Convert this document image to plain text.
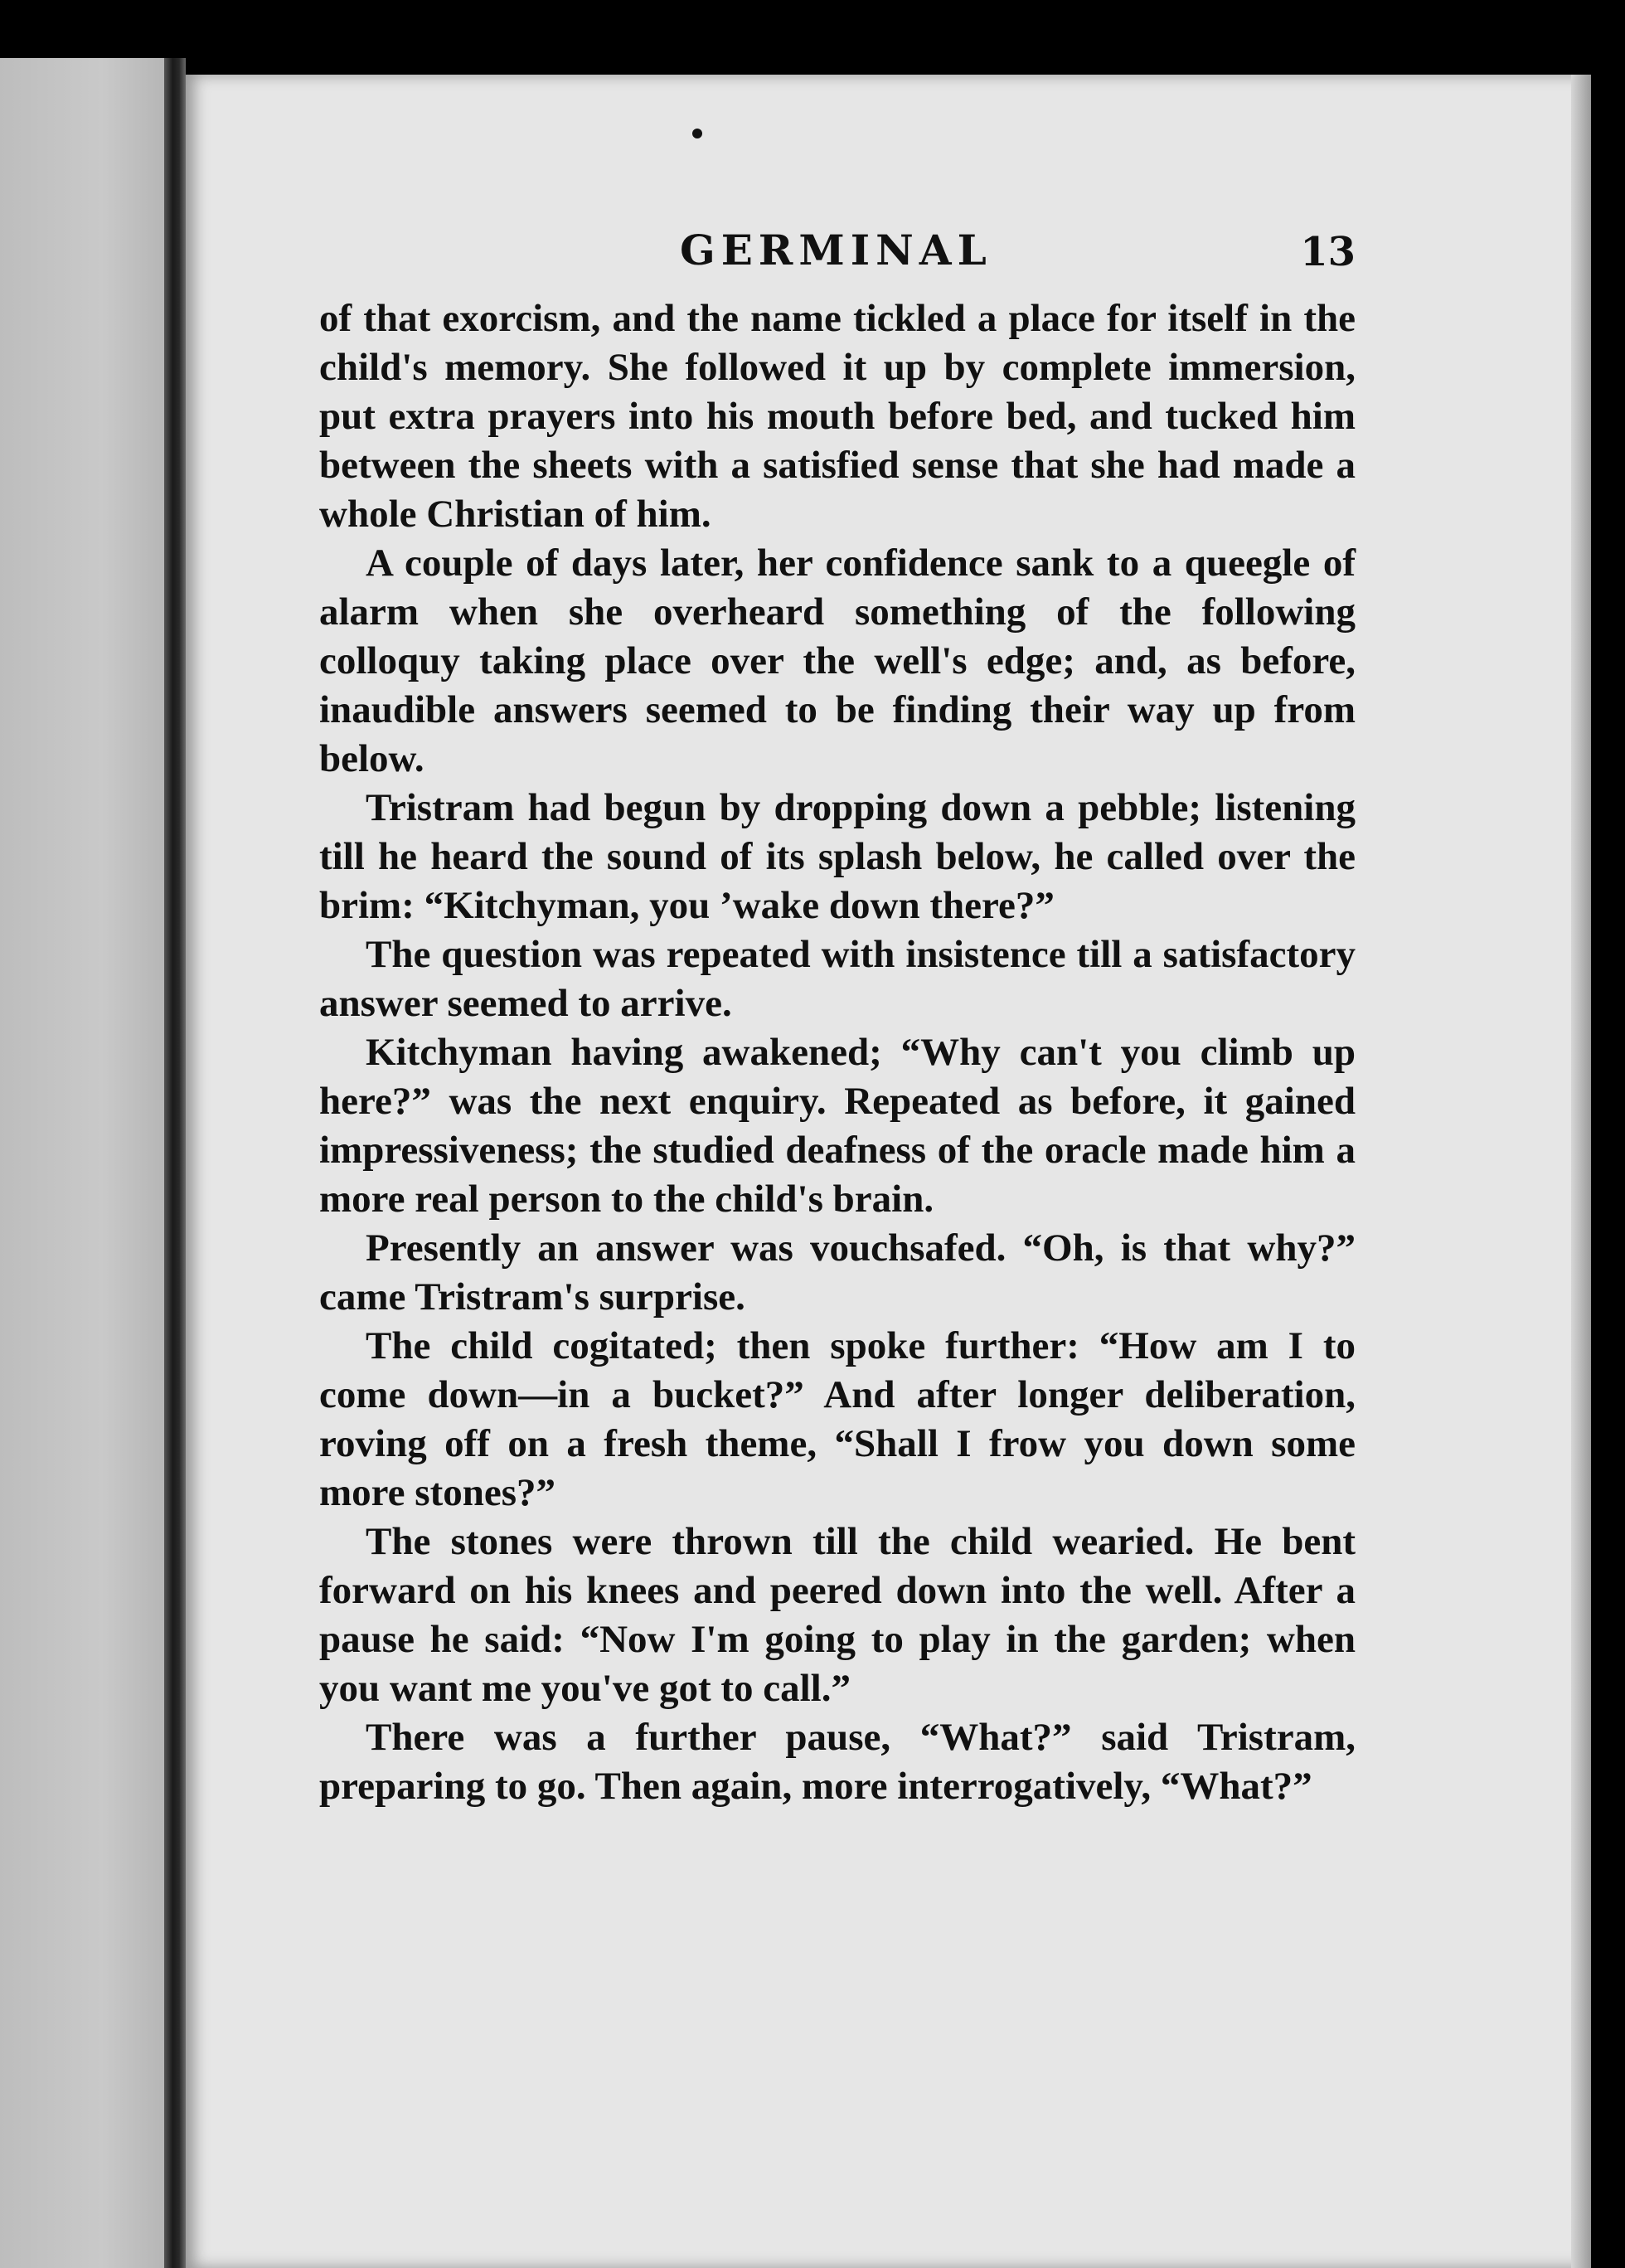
GERMINAL	13

of that exorcism, and the name tickled a place for itself in the child's memory. She followed it up by complete immersion, put extra prayers into his mouth before bed, and tucked him between the sheets with a satisfied sense that she had made a whole Christian of him.

A couple of days later, her confidence sank to a queegle of alarm when she overheard something of the following colloquy taking place over the well's edge; and, as before, inaudible answers seemed to be finding their way up from below.

Tristram had begun by dropping down a pebble; listening till he heard the sound of its splash below, he called over the brim: “Kitchyman, you ’wake down there?”

The question was repeated with insistence till a satisfactory answer seemed to arrive.

Kitchyman having awakened; “Why can't you climb up here?” was the next enquiry. Repeated as before, it gained impressiveness; the studied deafness of the oracle made him a more real person to the child's brain.

Presently an answer was vouchsafed. “Oh, is that why?” came Tristram's surprise.

The child cogitated; then spoke further: “How am I to come down—in a bucket?” And after longer deliberation, roving off on a fresh theme, “Shall I frow you down some more stones?”

The stones were thrown till the child wearied. He bent forward on his knees and peered down into the well. After a pause he said: “Now I'm going to play in the garden; when you want me you've got to call.”

There was a further pause, “What?” said Tristram, preparing to go. Then again, more interrogatively, “What?”
